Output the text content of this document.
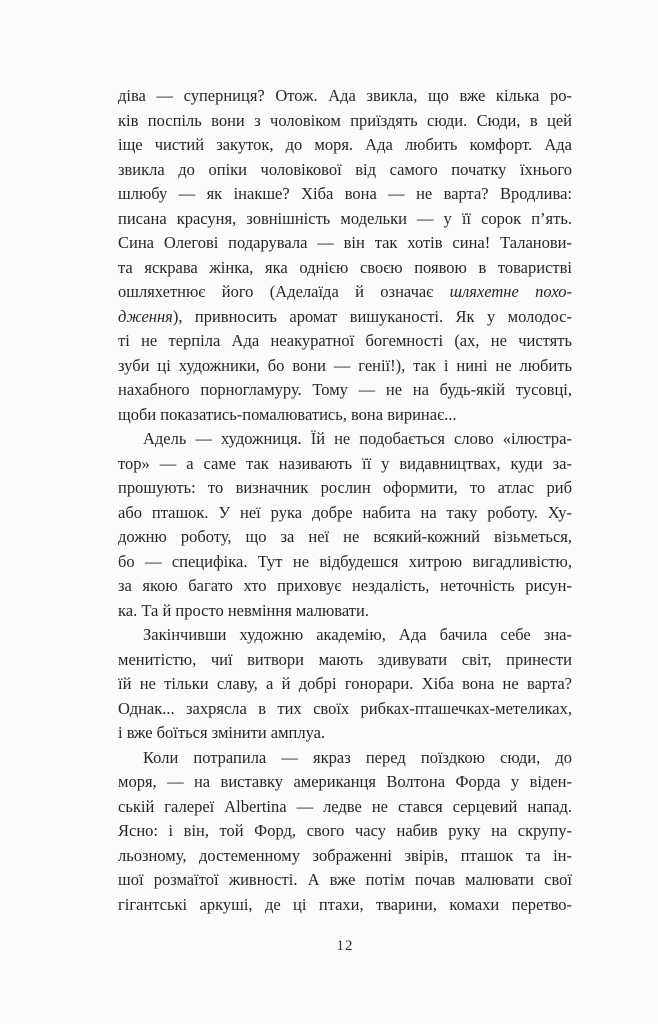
діва — суперниця? Отож. Ада звикла, що вже кілька ро-
ків поспіль вони з чоловіком приїздять сюди. Сюди, в цей
іще чистий закуток, до моря. Ада любить комфорт. Ада
звикла до опіки чоловікової від самого початку їхнього
шлюбу — як інакше? Хіба вона — не варта? Вродлива:
писана красуня, зовнішність модельки — у її сорок п’ять.
Сина Олегові подарувала — він так хотів сина! Таланови-
та яскрава жінка, яка однією своєю появою в товаристві
ошляхетнює його (Аделаїда й означає шляхетне похо-
дження), привносить аромат вишуканості. Як у молодос-
ті не терпіла Ада неакуратної богемності (ах, не чистять
зуби ці художники, бо вони — генії!), так і нині не любить
нахабного порногламуру. Тому — не на будь-якій тусовці,
щоби показатись-помалюватись, вона виринає...
Адель — художниця. Їй не подобається слово «ілюстра-
тор» — а саме так називають її у видавництвах, куди за-
прошують: то визначник рослин оформити, то атлас риб
або пташок. У неї рука добре набита на таку роботу. Ху-
дожню роботу, що за неї не всякий-кожний візьметься,
бо — специфіка. Тут не відбудешся хитрою вигадливістю,
за якою багато хто приховує нездалість, неточність рисун-
ка. Та й просто невміння малювати.
Закінчивши художню академію, Ада бачила себе зна-
менитістю, чиї витвори мають здивувати світ, принести
їй не тільки славу, а й добрі гонорари. Хіба вона не варта?
Однак... захрясла в тих своїх рибках-пташечках-метеликах,
і вже боїться змінити амплуа.
Коли потрапила — якраз перед поїздкою сюди, до
моря, — на виставку американця Волтона Форда у віден-
ській галереї Albertina — ледве не стався серцевий напад.
Ясно: і він, той Форд, свого часу набив руку на скрупу-
льозному, достеменному зображенні звірів, пташок та ін-
шої розмаїтої живності. А вже потім почав малювати свої
гігантські аркуші, де ці птахи, тварини, комахи перетво-
12
